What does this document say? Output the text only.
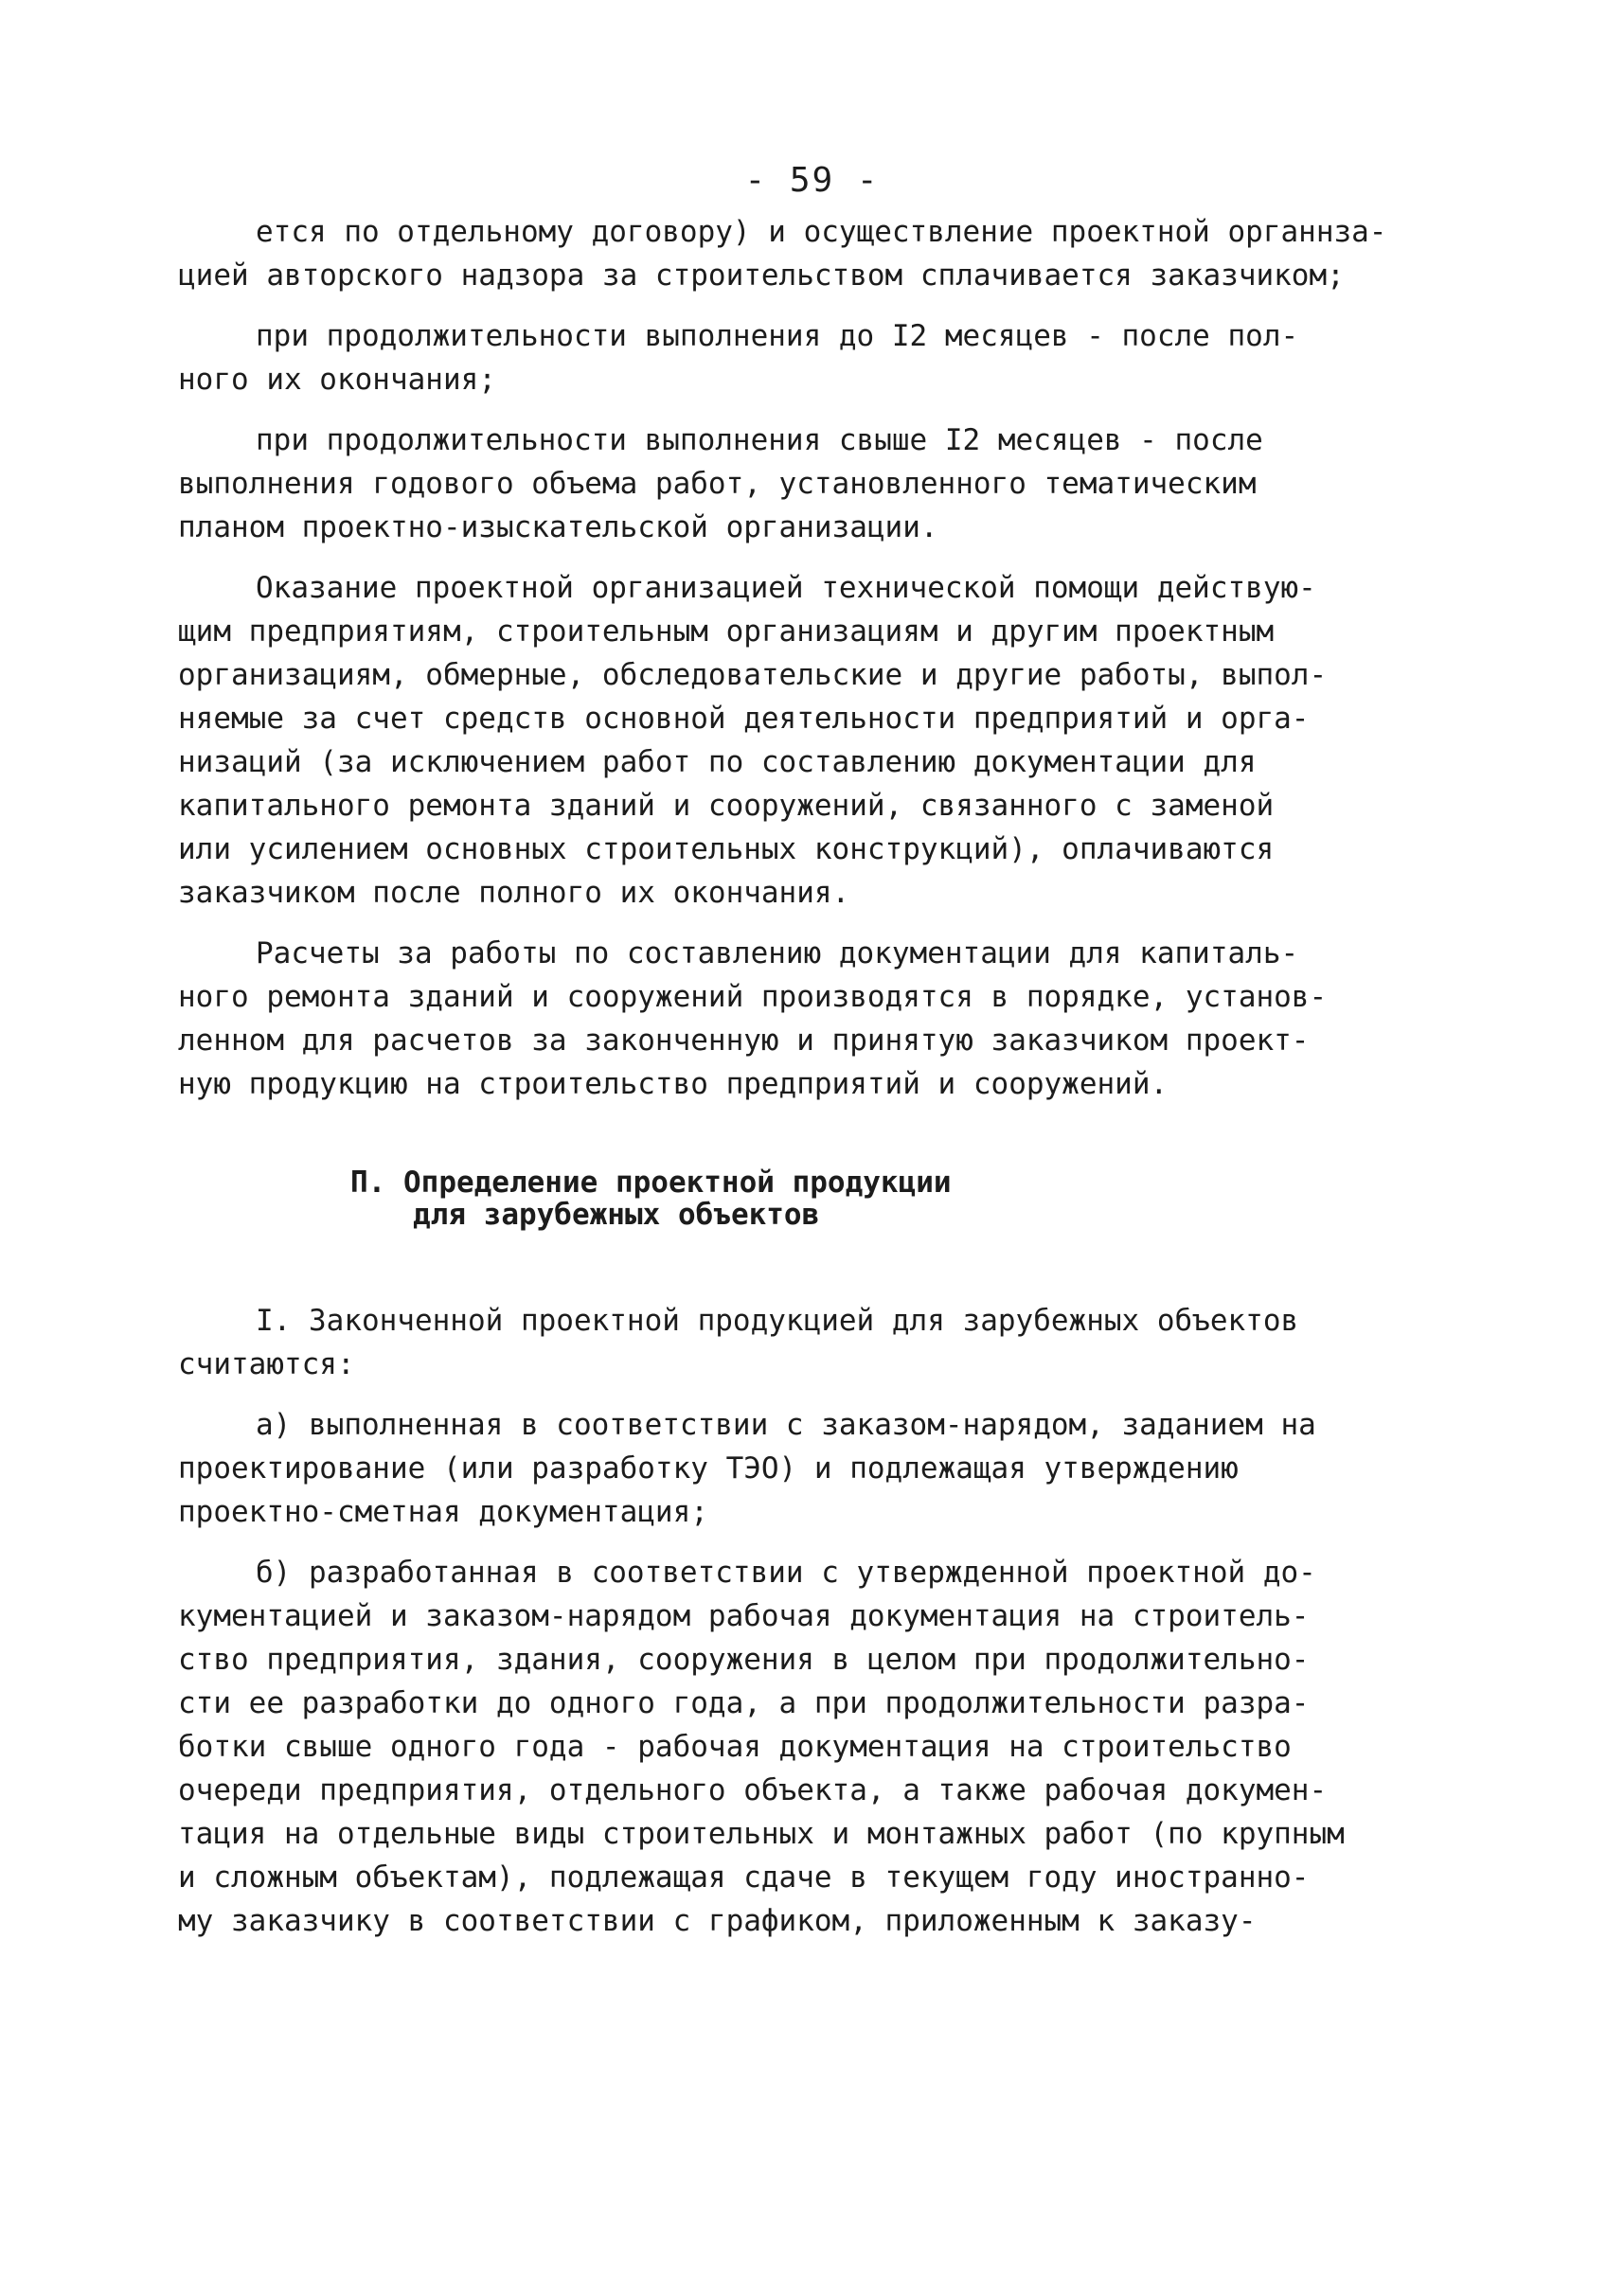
- 59 -
ется по отдельному договору) и осуществление проектной органнза-
цией авторского надзора за строительством сплачивается заказчиком;
при продолжительности выполнения до I2 месяцев - после пол-
ного их окончания;
при продолжительности выполнения свыше I2 месяцев - после
выполнения годового объема работ, установленного тематическим
планом проектно-изыскательской организации.
Оказание проектной организацией технической помощи действую-
щим предприятиям, строительным организациям и другим проектным
организациям, обмерные, обследовательские и другие работы, выпол-
няемые за счет средств основной деятельности предприятий и орга-
низаций (за исключением работ по составлению документации для
капитального ремонта зданий и сооружений, связанного с заменой
или усилением основных строительных конструкций), оплачиваются
заказчиком после полного их окончания.
Расчеты за работы по составлению документации для капиталь-
ного ремонта зданий и сооружений производятся в порядке, установ-
ленном для расчетов за законченную и принятую заказчиком проект-
ную продукцию на строительство предприятий и сооружений.
П. Определение проектной продукции
для зарубежных объектов
I. Законченной проектной продукцией для зарубежных объектов
считаются:
а) выполненная в соответствии с заказом-нарядом, заданием на
проектирование (или разработку ТЭО) и подлежащая утверждению
проектно-сметная документация;
б) разработанная в соответствии с утвержденной проектной до-
кументацией и заказом-нарядом рабочая документация на строитель-
ство предприятия, здания, сооружения в целом при продолжительно-
сти ее разработки до одного года, а при продолжительности разра-
ботки свыше одного года - рабочая документация на строительство
очереди предприятия, отдельного объекта, а также рабочая докумен-
тация на отдельные виды строительных и монтажных работ (по крупным
и сложным объектам), подлежащая сдаче в текущем году иностранно-
му заказчику в соответствии с графиком, приложенным к заказу-
